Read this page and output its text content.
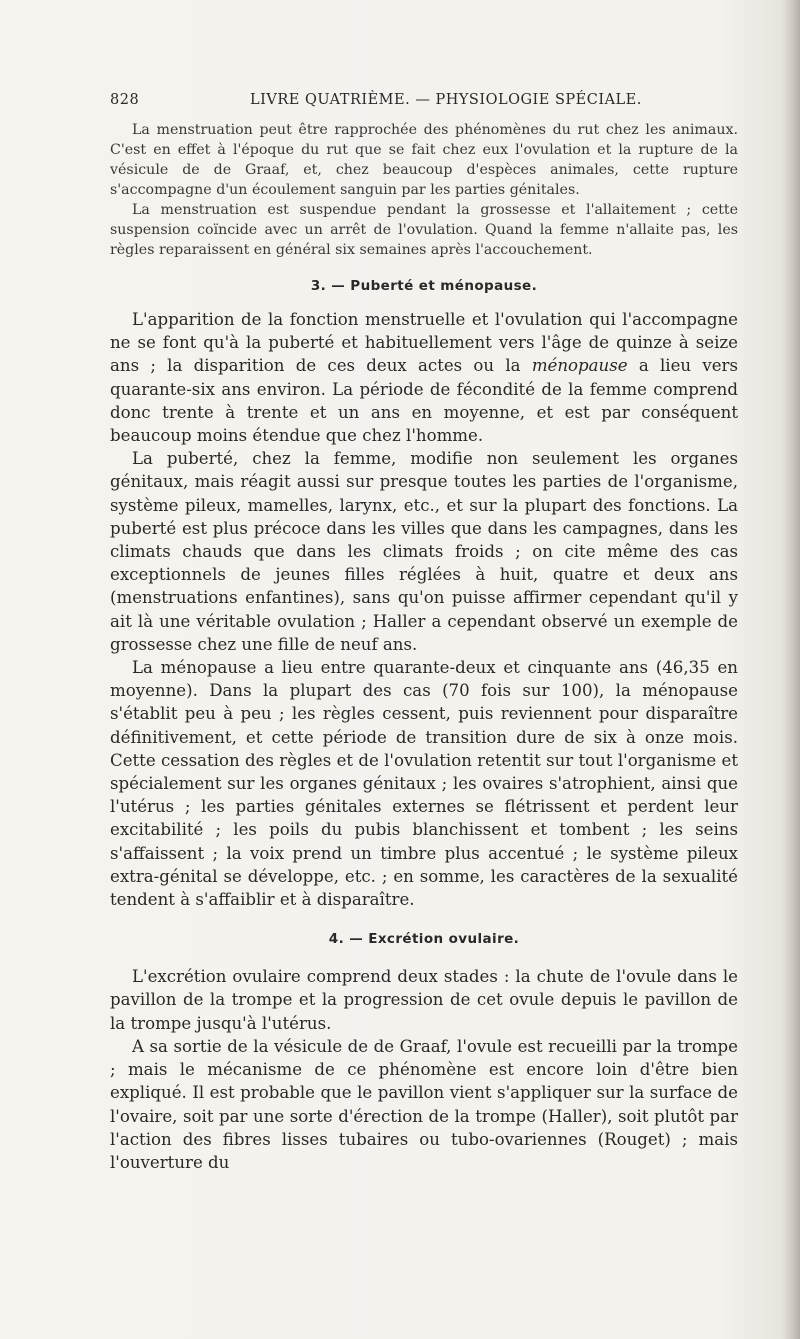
828	LIVRE QUATRIÈME. — PHYSIOLOGIE SPÉCIALE.

La menstruation peut être rapprochée des phénomènes du rut chez les animaux. C'est en effet à l'époque du rut que se fait chez eux l'ovulation et la rupture de la vésicule de de Graaf, et, chez beaucoup d'espèces animales, cette rupture s'accompagne d'un écoulement sanguin par les parties génitales.

La menstruation est suspendue pendant la grossesse et l'allaitement ; cette suspension coïncide avec un arrêt de l'ovulation. Quand la femme n'allaite pas, les règles reparaissent en général six semaines après l'accouchement.

3. — Puberté et ménopause.

L'apparition de la fonction menstruelle et l'ovulation qui l'accompagne ne se font qu'à la puberté et habituellement vers l'âge de quinze à seize ans ; la disparition de ces deux actes ou la ménopause a lieu vers quarante-six ans environ. La période de fécondité de la femme comprend donc trente à trente et un ans en moyenne, et est par conséquent beaucoup moins étendue que chez l'homme.

La puberté, chez la femme, modifie non seulement les organes génitaux, mais réagit aussi sur presque toutes les parties de l'organisme, système pileux, mamelles, larynx, etc., et sur la plupart des fonctions. La puberté est plus précoce dans les villes que dans les campagnes, dans les climats chauds que dans les climats froids ; on cite même des cas exceptionnels de jeunes filles réglées à huit, quatre et deux ans (menstruations enfantines), sans qu'on puisse affirmer cependant qu'il y ait là une véritable ovulation ; Haller a cependant observé un exemple de grossesse chez une fille de neuf ans.

La ménopause a lieu entre quarante-deux et cinquante ans (46,35 en moyenne). Dans la plupart des cas (70 fois sur 100), la ménopause s'établit peu à peu ; les règles cessent, puis reviennent pour disparaître définitivement, et cette période de transition dure de six à onze mois. Cette cessation des règles et de l'ovulation retentit sur tout l'organisme et spécialement sur les organes génitaux ; les ovaires s'atrophient, ainsi que l'utérus ; les parties génitales externes se flétrissent et perdent leur excitabilité ; les poils du pubis blanchissent et tombent ; les seins s'affaissent ; la voix prend un timbre plus accentué ; le système pileux extra-génital se développe, etc. ; en somme, les caractères de la sexualité tendent à s'affaiblir et à disparaître.

4. — Excrétion ovulaire.

L'excrétion ovulaire comprend deux stades : la chute de l'ovule dans le pavillon de la trompe et la progression de cet ovule depuis le pavillon de la trompe jusqu'à l'utérus.

A sa sortie de la vésicule de de Graaf, l'ovule est recueilli par la trompe ; mais le mécanisme de ce phénomène est encore loin d'être bien expliqué. Il est probable que le pavillon vient s'appliquer sur la surface de l'ovaire, soit par une sorte d'érection de la trompe (Haller), soit plutôt par l'action des fibres lisses tubaires ou tubo-ovariennes (Rouget) ; mais l'ouverture du
